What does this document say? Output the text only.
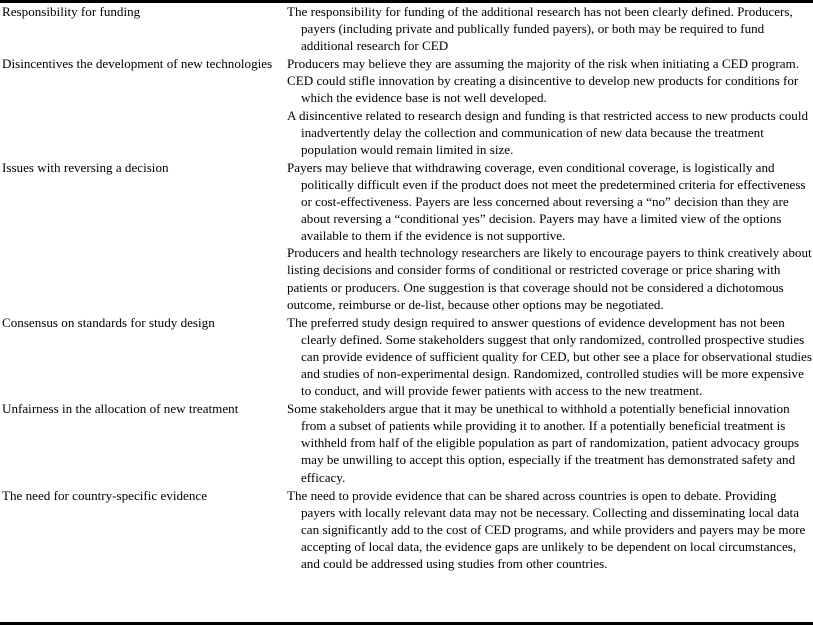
Responsibility for funding	The responsibility for funding of the additional research has not been clearly defined. Producers, payers (including private and publically funded payers), or both may be required to fund additional research for CED

Disincentives the development of new technologies	Producers may believe they are assuming the majority of the risk when initiating a CED program.

CED could stifle innovation by creating a disincentive to develop new products for conditions for which the evidence base is not well developed.

A disincentive related to research design and funding is that restricted access to new products could inadvertently delay the collection and communication of new data because the treatment population would remain limited in size.

Issues with reversing a decision	Payers may believe that withdrawing coverage, even conditional coverage, is logistically and politically difficult even if the product does not meet the predetermined criteria for effectiveness or cost-effectiveness. Payers are less concerned about reversing a “no” decision than they are about reversing a “conditional yes” decision. Payers may have a limited view of the options available to them if the evidence is not supportive.

Producers and health technology researchers are likely to encourage payers to think creatively about listing decisions and consider forms of conditional or restricted coverage or price sharing with patients or producers. One suggestion is that coverage should not be considered a dichotomous outcome, reimburse or de-list, because other options may be negotiated.

Consensus on standards for study design	The preferred study design required to answer questions of evidence development has not been clearly defined. Some stakeholders suggest that only randomized, controlled prospective studies can provide evidence of sufficient quality for CED, but other see a place for observational studies and studies of non-experimental design. Randomized, controlled studies will be more expensive to conduct, and will provide fewer patients with access to the new treatment.

Unfairness in the allocation of new treatment	Some stakeholders argue that it may be unethical to withhold a potentially beneficial innovation from a subset of patients while providing it to another. If a potentially beneficial treatment is withheld from half of the eligible population as part of randomization, patient advocacy groups may be unwilling to accept this option, especially if the treatment has demonstrated safety and efficacy.

The need for country-specific evidence	The need to provide evidence that can be shared across countries is open to debate. Providing payers with locally relevant data may not be necessary. Collecting and disseminating local data can significantly add to the cost of CED programs, and while providers and payers may be more accepting of local data, the evidence gaps are unlikely to be dependent on local circumstances, and could be addressed using studies from other countries.
